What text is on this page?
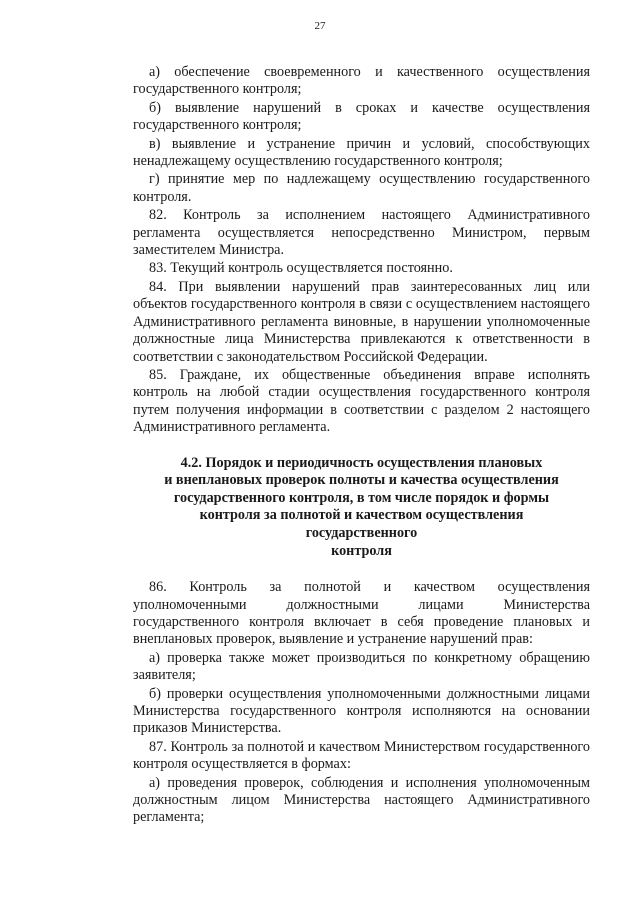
27

а) обеспечение своевременного и качественного осуществления государственного контроля;

б) выявление нарушений в сроках и качестве осуществления государственного контроля;

в) выявление и устранение причин и условий, способствующих ненадлежащему осуществлению государственного контроля;

г) принятие мер по надлежащему осуществлению государственного контроля.

82. Контроль за исполнением настоящего Административного регламента осуществляется непосредственно Министром, первым заместителем Министра.

83. Текущий контроль осуществляется постоянно.

84. При выявлении нарушений прав заинтересованных лиц или объектов государственного контроля в связи с осуществлением настоящего Административного регламента виновные, в нарушении уполномоченные должностные лица Министерства привлекаются к ответственности в соответствии с законодательством Российской Федерации.

85. Граждане, их общественные объединения вправе исполнять контроль на любой стадии осуществления государственного контроля путем получения информации в соответствии с разделом 2 настоящего Административного регламента.

4.2. Порядок и периодичность осуществления плановых
и внеплановых проверок полноты и качества осуществления
государственного контроля, в том числе порядок и формы
контроля за полнотой и качеством осуществления
государственного
контроля

86. Контроль за полнотой и качеством осуществления уполномоченными должностными лицами Министерства государственного контроля включает в себя проведение плановых и внеплановых проверок, выявление и устранение нарушений прав:

а) проверка также может производиться по конкретному обращению заявителя;

б) проверки осуществления уполномоченными должностными лицами Министерства государственного контроля исполняются на основании приказов Министерства.

87. Контроль за полнотой и качеством Министерством государственного контроля осуществляется в формах:

а) проведения проверок, соблюдения и исполнения уполномоченным должностным лицом Министерства настоящего Административного регламента;
